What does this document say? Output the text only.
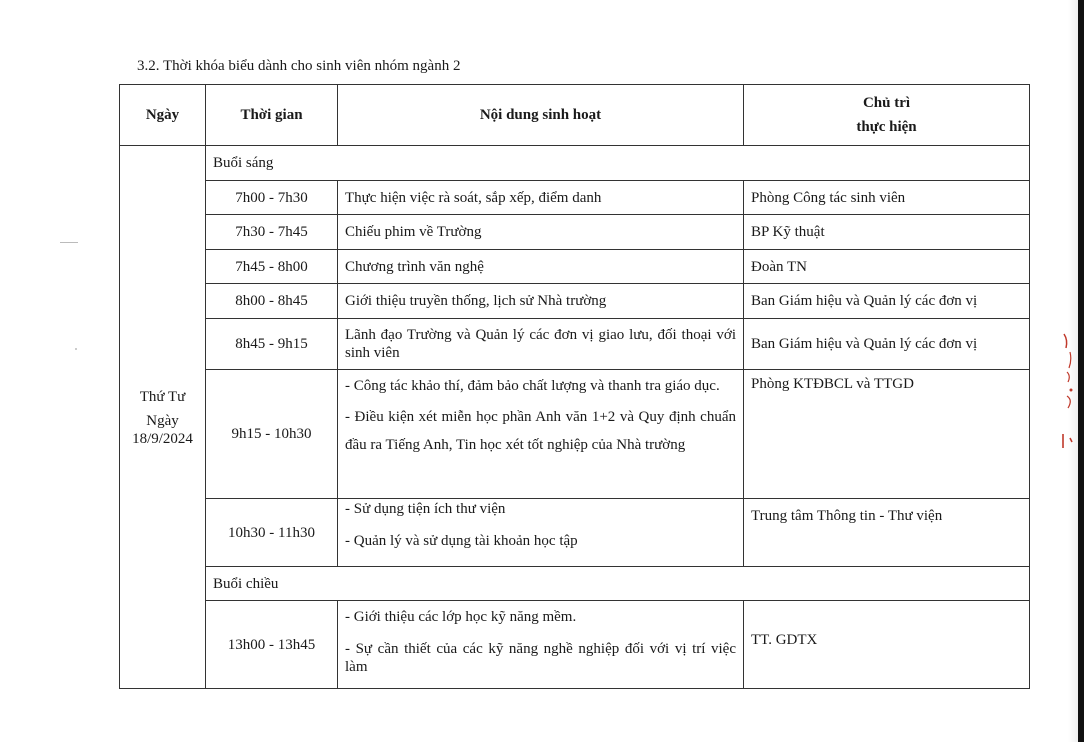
3.2. Thời khóa biểu dành cho sinh viên nhóm ngành 2
Ngày	Thời gian	Nội dung sinh hoạt	Chủ trì
thực hiện

Thứ Tư
Ngày
18/9/2024	Buổi sáng		
	7h00 - 7h30	Thực hiện việc rà soát, sắp xếp, điểm danh	Phòng Công tác sinh viên
	7h30 - 7h45	Chiếu phim về Trường	BP Kỹ thuật
	7h45 - 8h00	Chương trình văn nghệ	Đoàn TN
	8h00 - 8h45	Giới thiệu truyền thống, lịch sử Nhà trường	Ban Giám hiệu và Quản lý các đơn vị
	8h45 - 9h15	Lãnh đạo Trường và Quản lý các đơn vị giao lưu, đối thoại với sinh viên	Ban Giám hiệu và Quản lý các đơn vị
	9h15 - 10h30	- Công tác khảo thí, đảm bảo chất lượng và thanh tra giáo dục.
- Điều kiện xét miễn học phần Anh văn 1+2 và Quy định chuẩn đầu ra Tiếng Anh, Tin học xét tốt nghiệp của Nhà trường	Phòng KTĐBCL và TTGD
	10h30 - 11h30	- Sử dụng tiện ích thư viện
- Quản lý và sử dụng tài khoản học tập	Trung tâm Thông tin - Thư viện
	Buổi chiều		
	13h00 - 13h45	- Giới thiệu các lớp học kỹ năng mềm.
- Sự cần thiết của các kỹ năng nghề nghiệp đối với vị trí việc làm	TT. GDTX
